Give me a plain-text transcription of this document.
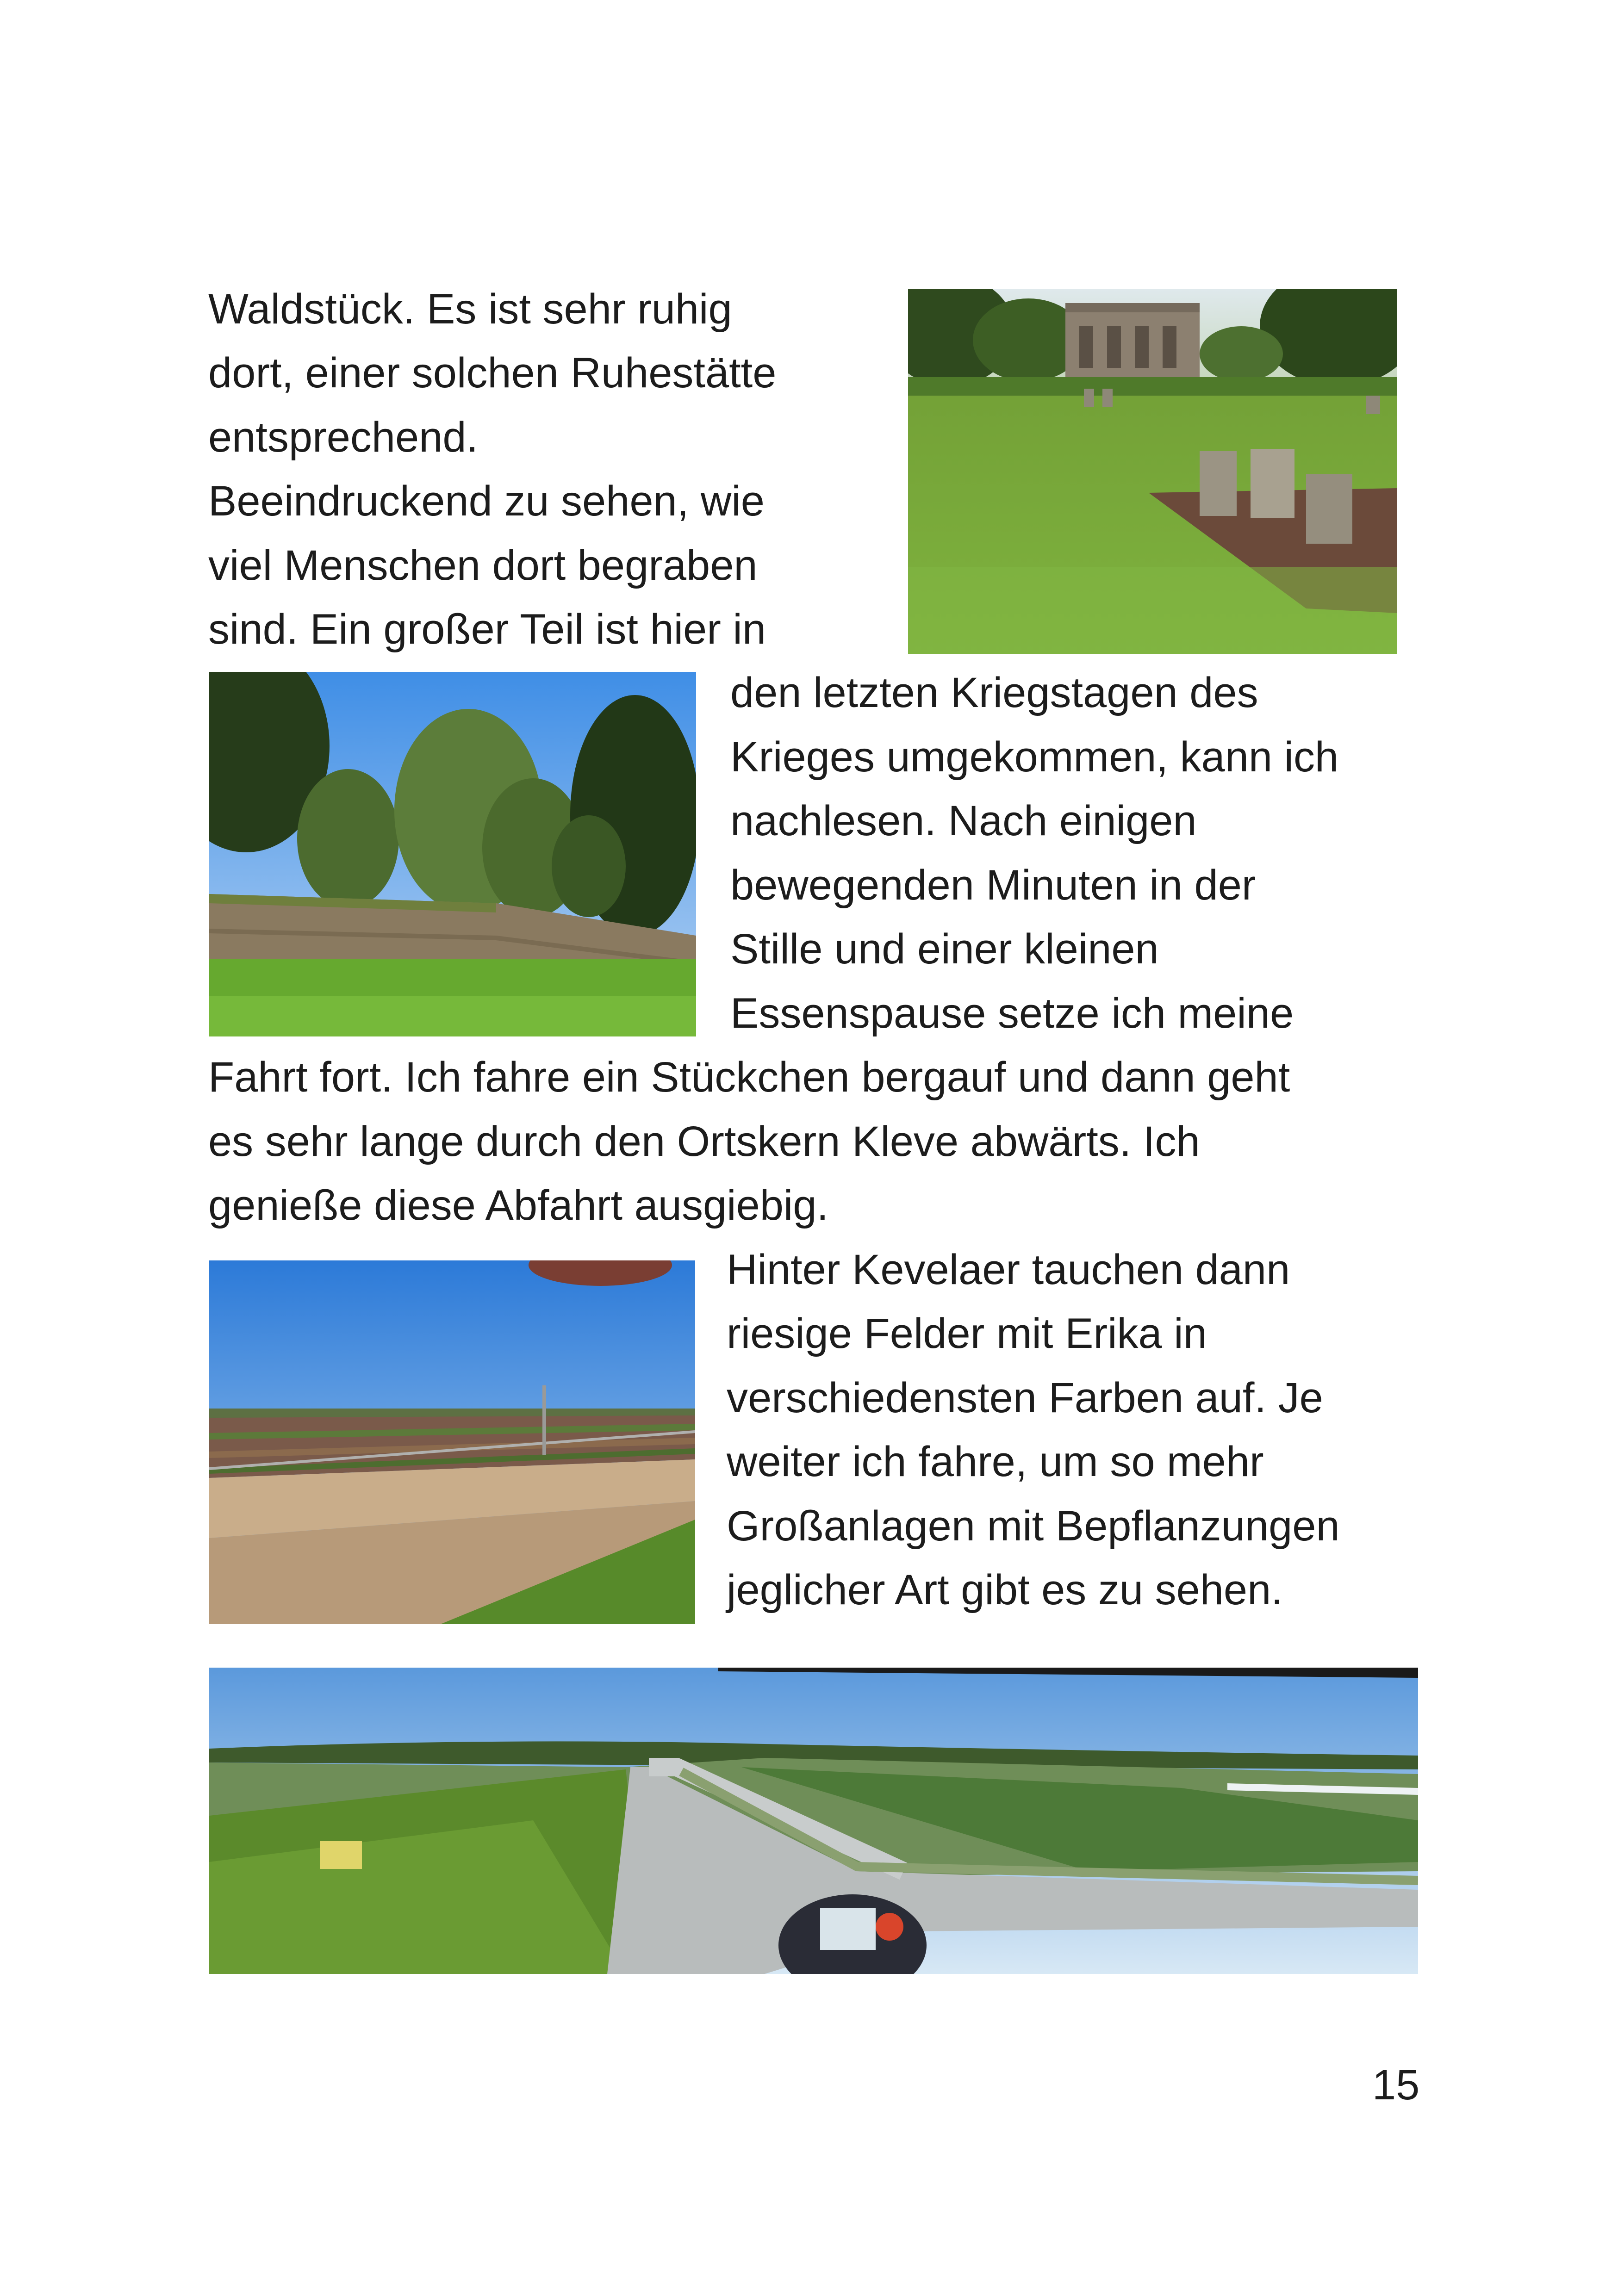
Waldstück. Es ist sehr ruhig
dort, einer solchen Ruhestätte
entsprechend.
Beeindruckend zu sehen, wie
viel Menschen dort begraben
sind. Ein großer Teil ist hier in
den letzten Kriegstagen des
Krieges umgekommen, kann ich
nachlesen. Nach einigen
bewegenden Minuten in der
Stille und einer kleinen
Essenspause setze ich meine
Fahrt fort. Ich fahre ein Stückchen bergauf und dann geht
es sehr lange durch den Ortskern Kleve abwärts. Ich
genieße diese Abfahrt ausgiebig.
Hinter Kevelaer tauchen dann
riesige Felder mit Erika in
verschiedensten Farben auf. Je
weiter ich fahre, um so mehr
Großanlagen mit Bepflanzungen
jeglicher Art gibt es zu sehen.
15
